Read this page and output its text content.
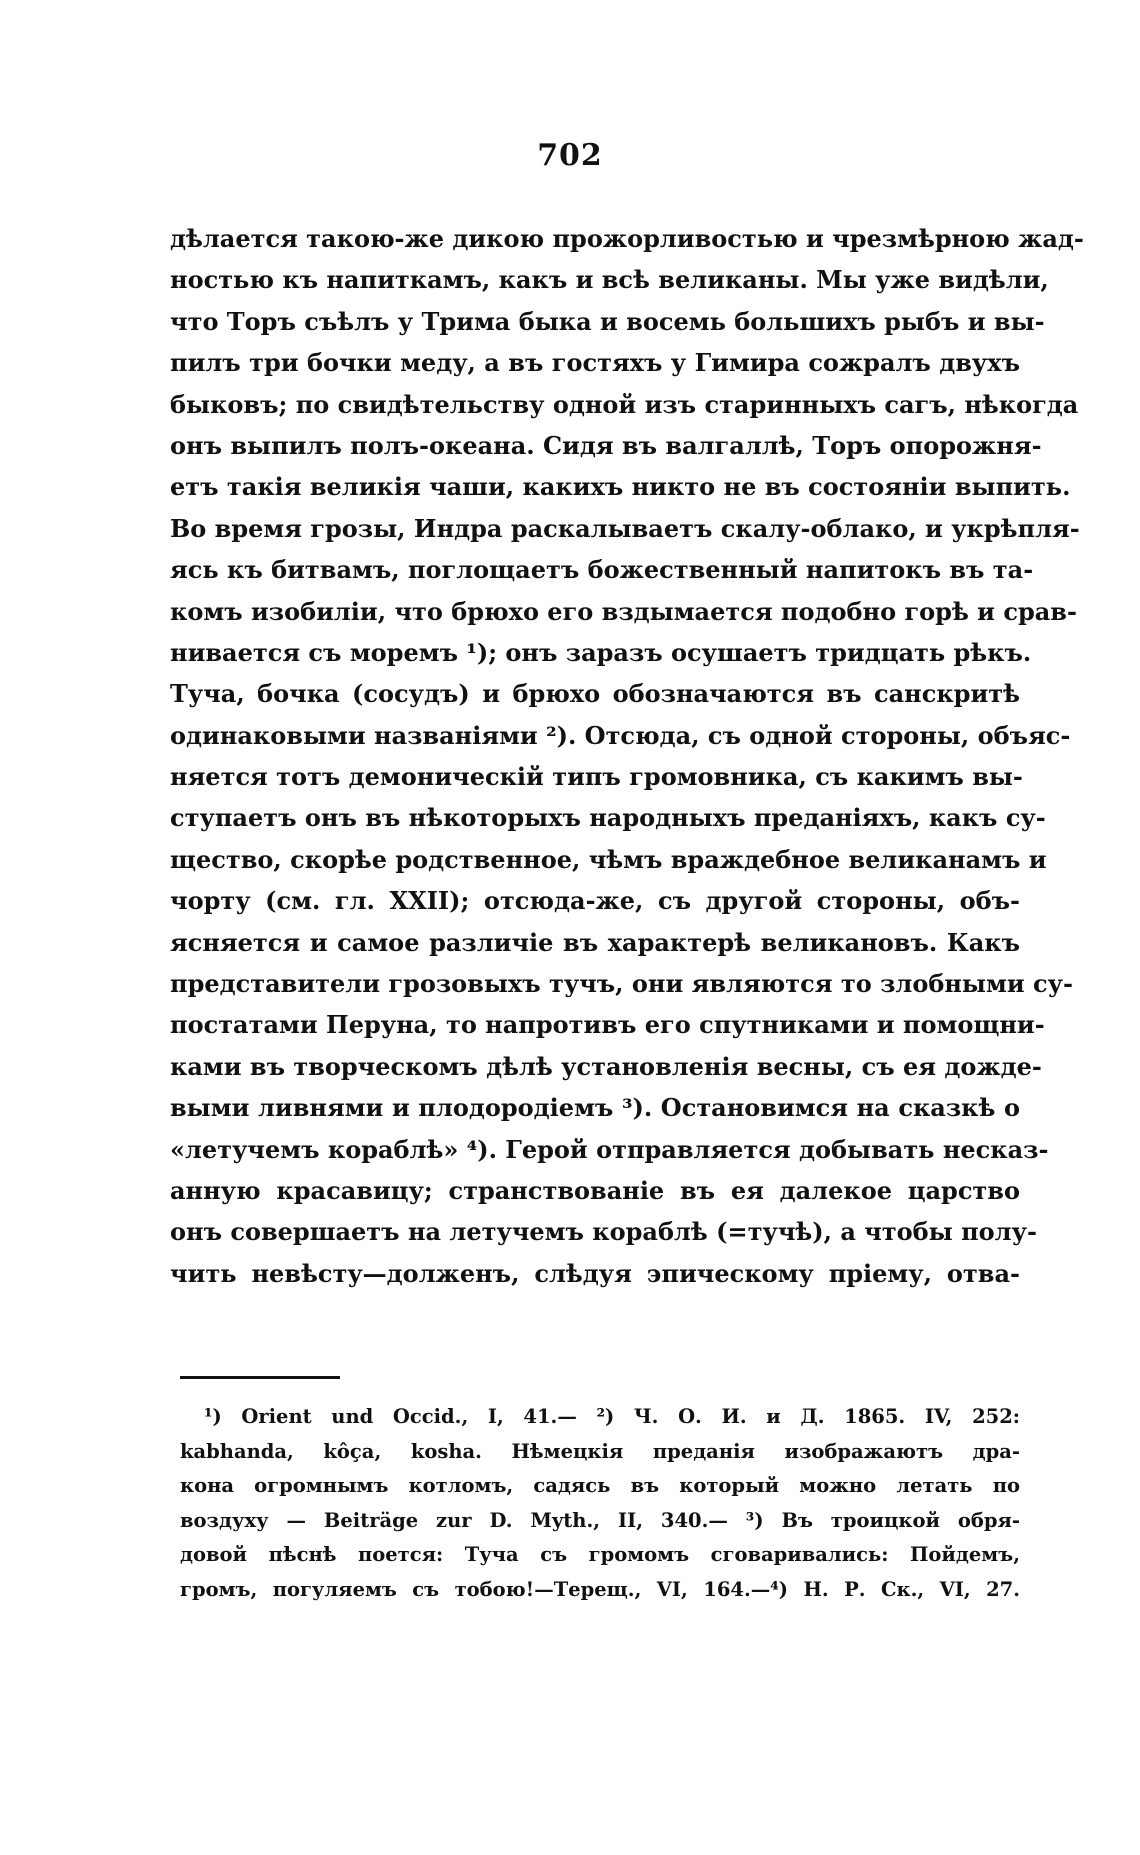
702
дѣлается такою-же дикою прожорливостью и чрезмѣрною жад-
ностью къ напиткамъ, какъ и всѣ великаны. Мы уже видѣли,
что Торъ съѣлъ у Трима быка и восемь большихъ рыбъ и вы-
пилъ три бочки меду, а въ гостяхъ у Гимира сожралъ двухъ
быковъ; по свидѣтельству одной изъ старинныхъ сагъ, нѣкогда
онъ выпилъ полъ-океана. Сидя въ валгаллѣ, Торъ опорожня-
етъ такія великія чаши, какихъ никто не въ состояніи выпить.
Во время грозы, Индра раскалываетъ скалу-облако, и укрѣпля-
ясь къ битвамъ, поглощаетъ божественный напитокъ въ та-
комъ изобиліи, что брюхо его вздымается подобно горѣ и срав-
нивается съ моремъ ¹); онъ заразъ осушаетъ тридцать рѣкъ.
Туча, бочка (сосудъ) и брюхо обозначаются въ санскритѣ
одинаковыми названіями ²). Отсюда, съ одной стороны, объяс-
няется тотъ демоническій типъ громовника, съ какимъ вы-
ступаетъ онъ въ нѣкоторыхъ народныхъ преданіяхъ, какъ су-
щество, скорѣе родственное, чѣмъ враждебное великанамъ и
чорту (см. гл. XXII); отсюда-же, съ другой стороны, объ-
ясняется и самое различіе въ характерѣ великановъ. Какъ
представители грозовыхъ тучъ, они являются то злобными су-
постатами Перуна, то напротивъ его спутниками и помощни-
ками въ творческомъ дѣлѣ установленія весны, съ ея дожде-
выми ливнями и плодородіемъ ³). Остановимся на сказкѣ о
«летучемъ кораблѣ» ⁴). Герой отправляется добывать несказ-
анную красавицу; странствованіе въ ея далекое царство
онъ совершаетъ на летучемъ кораблѣ (=тучѣ), а чтобы полу-
чить невѣсту—долженъ, слѣдуя эпическому пріему, отва-
¹) Orient und Occid., I, 41.— ²) Ч. О. И. и Д. 1865. IV, 252:
kabhanda, kôça, kosha. Нѣмецкія преданія изображаютъ дра-
кона огромнымъ котломъ, садясь въ который можно летать по
воздуху — Beiträge zur D. Myth., II, 340.— ³) Въ троицкой обря-
довой пѣснѣ поется: Туча съ громомъ сговаривались: Пойдемъ,
громъ, погуляемъ съ тобою!—Терещ., VI, 164.—⁴) Н. Р. Ск., VI, 27.
